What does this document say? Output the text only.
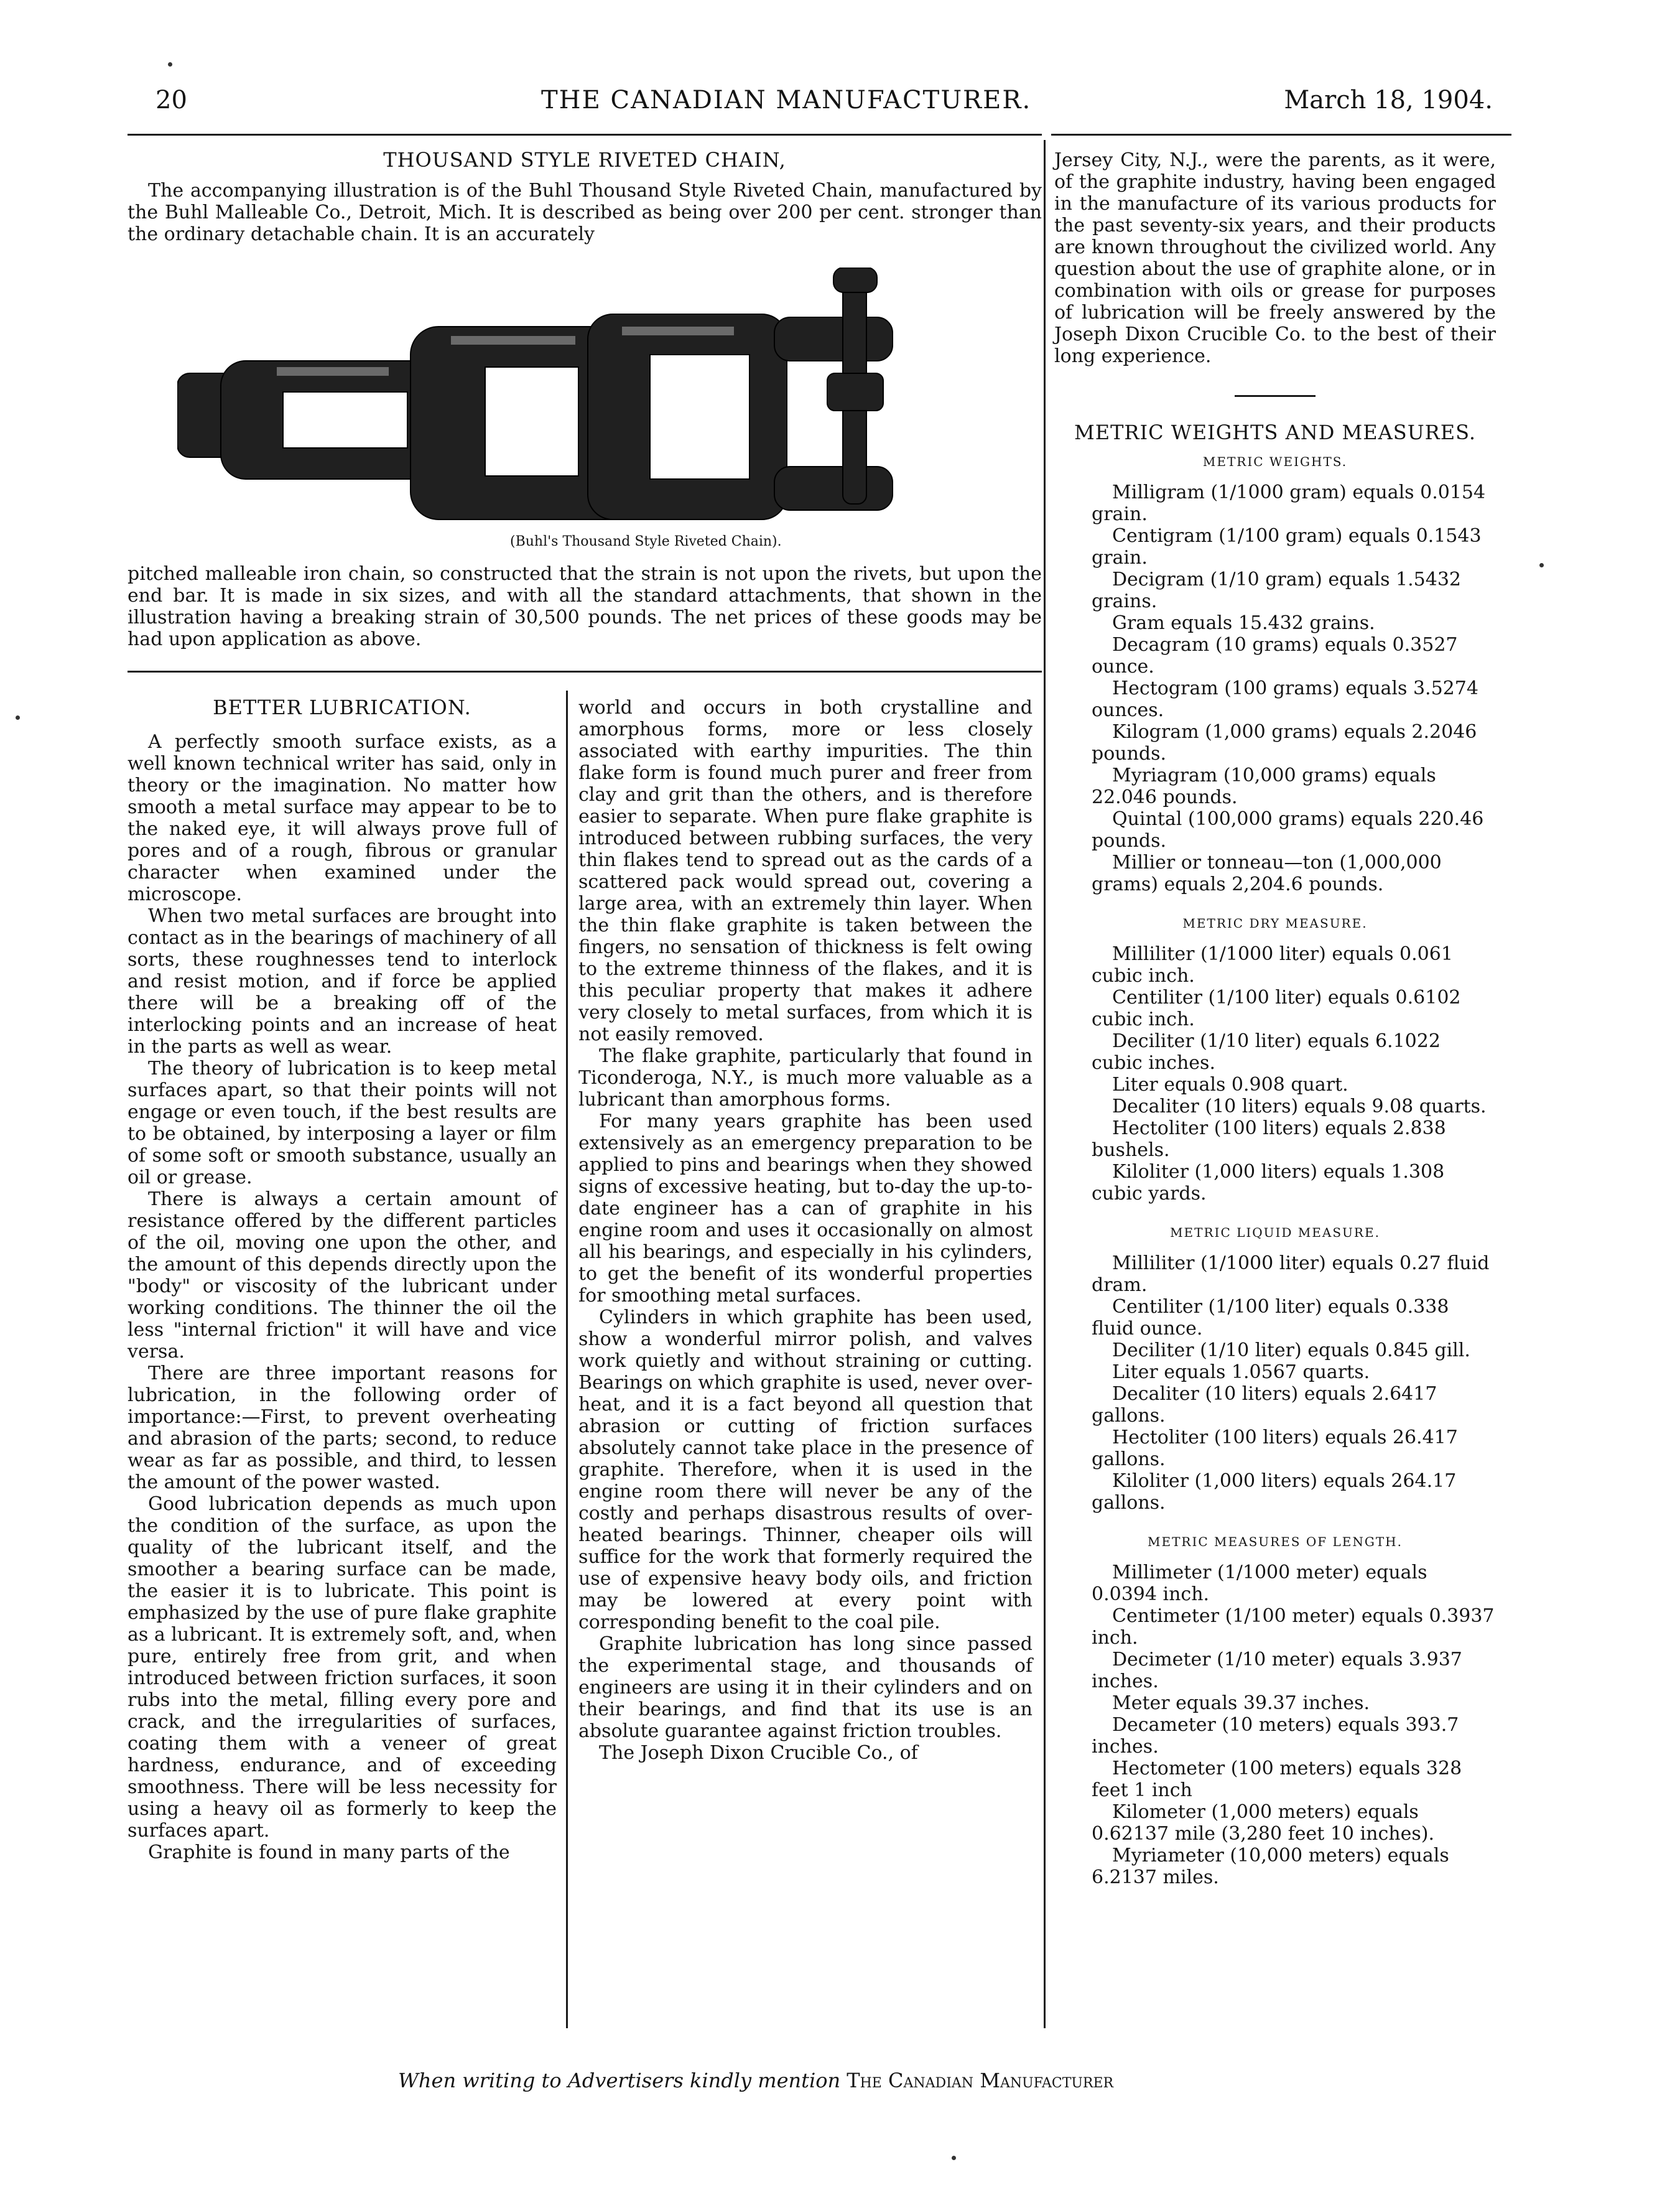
20	THE CANADIAN MANUFACTURER.	March 18, 1904.
THOUSAND STYLE RIVETED CHAIN,

The accompanying illustration is of the Buhl Thousand Style Riveted Chain, manufactured by the Buhl Malleable Co., Detroit, Mich. It is described as being over 200 per cent. stronger than the ordinary detachable chain. It is an accurately

(Buhl's Thousand Style Riveted Chain).

pitched malleable iron chain, so constructed that the strain is not upon the rivets, but upon the end bar. It is made in six sizes, and with all the standard attachments, that shown in the illustration having a breaking strain of 30,500 pounds. The net prices of these goods may be had upon application as above.

BETTER LUBRICATION.

A perfectly smooth surface exists, as a well known technical writer has said, only in theory or the imagination. No matter how smooth a metal surface may appear to be to the naked eye, it will always prove full of pores and of a rough, fibrous or granular character when examined under the microscope.

When two metal surfaces are brought into contact as in the bearings of machinery of all sorts, these roughnesses tend to interlock and resist motion, and if force be applied there will be a breaking off of the interlocking points and an increase of heat in the parts as well as wear.

The theory of lubrication is to keep metal surfaces apart, so that their points will not engage or even touch, if the best results are to be obtained, by interposing a layer or film of some soft or smooth substance, usually an oil or grease.

There is always a certain amount of resistance offered by the different particles of the oil, moving one upon the other, and the amount of this depends directly upon the "body" or viscosity of the lubricant under working conditions. The thinner the oil the less "internal friction" it will have and vice versa.

There are three important reasons for lubrication, in the following order of importance:—First, to prevent overheating and abrasion of the parts; second, to reduce wear as far as possible, and third, to lessen the amount of the power wasted.

Good lubrication depends as much upon the condition of the surface, as upon the quality of the lubricant itself, and the smoother a bearing surface can be made, the easier it is to lubricate. This point is emphasized by the use of pure flake graphite as a lubricant. It is extremely soft, and, when pure, entirely free from grit, and when introduced between friction surfaces, it soon rubs into the metal, filling every pore and crack, and the irregularities of surfaces, coating them with a veneer of great hardness, endurance, and of exceeding smoothness. There will be less necessity for using a heavy oil as formerly to keep the surfaces apart.

Graphite is found in many parts of the

world and occurs in both crystalline and amorphous forms, more or less closely associated with earthy impurities. The thin flake form is found much purer and freer from clay and grit than the others, and is therefore easier to separate. When pure flake graphite is introduced between rubbing surfaces, the very thin flakes tend to spread out as the cards of a scattered pack would spread out, covering a large area, with an extremely thin layer. When the thin flake graphite is taken between the fingers, no sensation of thickness is felt owing to the extreme thinness of the flakes, and it is this peculiar property that makes it adhere very closely to metal surfaces, from which it is not easily removed.

The flake graphite, particularly that found in Ticonderoga, N.Y., is much more valuable as a lubricant than amorphous forms.

For many years graphite has been used extensively as an emergency preparation to be applied to pins and bearings when they showed signs of excessive heating, but to-day the up-to-date engineer has a can of graphite in his engine room and uses it occasionally on almost all his bearings, and especially in his cylinders, to get the benefit of its wonderful properties for smoothing metal surfaces.

Cylinders in which graphite has been used, show a wonderful mirror polish, and valves work quietly and without straining or cutting. Bearings on which graphite is used, never over-heat, and it is a fact beyond all question that abrasion or cutting of friction surfaces absolutely cannot take place in the presence of graphite. Therefore, when it is used in the engine room there will never be any of the costly and perhaps disastrous results of over-heated bearings. Thinner, cheaper oils will suffice for the work that formerly required the use of expensive heavy body oils, and friction may be lowered at every point with corresponding benefit to the coal pile.

Graphite lubrication has long since passed the experimental stage, and thousands of engineers are using it in their cylinders and on their bearings, and find that its use is an absolute guarantee against friction troubles.

The Joseph Dixon Crucible Co., of

Jersey City, N.J., were the parents, as it were, of the graphite industry, having been engaged in the manufacture of its various products for the past seventy-six years, and their products are known throughout the civilized world. Any question about the use of graphite alone, or in combination with oils or grease for purposes of lubrication will be freely answered by the Joseph Dixon Crucible Co. to the best of their long experience.

METRIC WEIGHTS AND MEASURES.
METRIC WEIGHTS.

Milligram (1/1000 gram) equals 0.0154 grain.

Centigram (1/100 gram) equals 0.1543 grain.

Decigram (1/10 gram) equals 1.5432 grains.

Gram equals 15.432 grains.

Decagram (10 grams) equals 0.3527 ounce.

Hectogram (100 grams) equals 3.5274 ounces.

Kilogram (1,000 grams) equals 2.2046 pounds.

Myriagram (10,000 grams) equals 22.046 pounds.

Quintal (100,000 grams) equals 220.46 pounds.

Millier or tonneau—ton (1,000,000 grams) equals 2,204.6 pounds.

METRIC DRY MEASURE.

Milliliter (1/1000 liter) equals 0.061 cubic inch.

Centiliter (1/100 liter) equals 0.6102 cubic inch.

Deciliter (1/10 liter) equals 6.1022 cubic inches.

Liter equals 0.908 quart.

Decaliter (10 liters) equals 9.08 quarts.

Hectoliter (100 liters) equals 2.838 bushels.

Kiloliter (1,000 liters) equals 1.308 cubic yards.

METRIC LIQUID MEASURE.

Milliliter (1/1000 liter) equals 0.27 fluid dram.

Centiliter (1/100 liter) equals 0.338 fluid ounce.

Deciliter (1/10 liter) equals 0.845 gill.

Liter equals 1.0567 quarts.

Decaliter (10 liters) equals 2.6417 gallons.

Hectoliter (100 liters) equals 26.417 gallons.

Kiloliter (1,000 liters) equals 264.17 gallons.

METRIC MEASURES OF LENGTH.

Millimeter (1/1000 meter) equals 0.0394 inch.

Centimeter (1/100 meter) equals 0.3937 inch.

Decimeter (1/10 meter) equals 3.937 inches.

Meter equals 39.37 inches.

Decameter (10 meters) equals 393.7 inches.

Hectometer (100 meters) equals 328 feet 1 inch

Kilometer (1,000 meters) equals 0.62137 mile (3,280 feet 10 inches).

Myriameter (10,000 meters) equals 6.2137 miles.

When writing to Advertisers kindly mention The Canadian Manufacturer
